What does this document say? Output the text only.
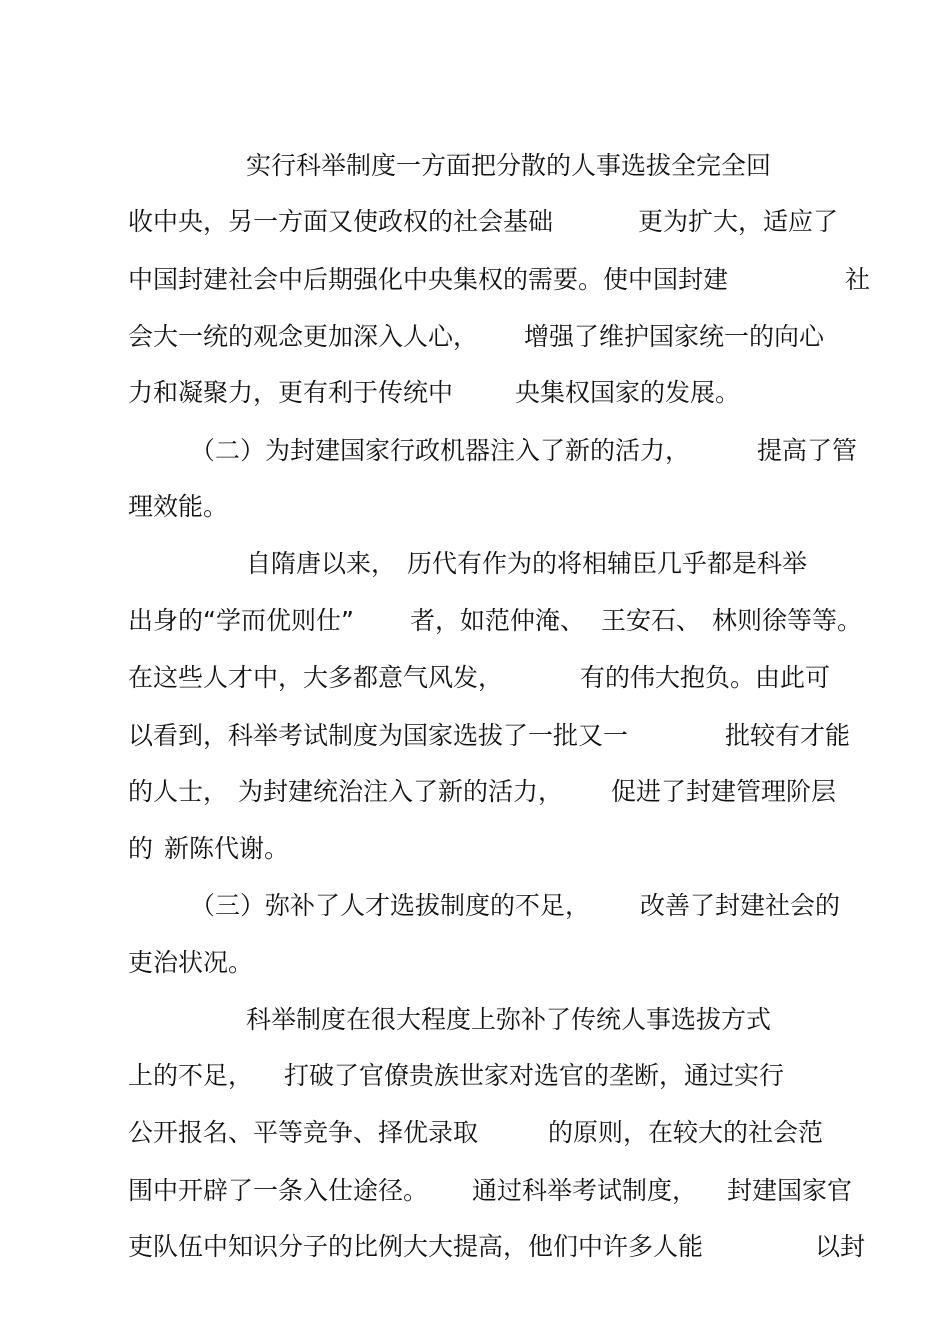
实行科举制度一方面把分散的人事选拔全完全回
收中央，另一方面又使政权的社会基础	更为扩大，适应了
中国封建社会中后期强化中央集权的需要。使中国封建	社
会大一统的观念更加深入人心， 增强了维护国家统一的向心
力和凝聚力，更有利于传统中 央集权国家的发展。
（二）为封建国家行政机器注入了新的活力，	提高了管
理效能。
自隋唐以来， 历代有作为的将相辅臣几乎都是科举
出身的“学而优则仕” 者，如范仲淹、 王安石、 林则徐等等。
在这些人才中，大多都意气风发，	有的伟大抱负。由此可
以看到，科举考试制度为国家选拔了一批又一	批较有才能
的人士， 为封建统治注入了新的活力， 促进了封建管理阶层
的 新陈代谢。
（三）弥补了人才选拔制度的不足， 改善了封建社会的
吏治状况。
科举制度在很大程度上弥补了传统人事选拔方式
上的不足， 打破了官僚贵族世家对选官的垄断，通过实行
公开报名、平等竞争、择优录取	的原则，在较大的社会范
围中开辟了一条入仕途径。 通过科举考试制度， 封建国家官
吏队伍中知识分子的比例大大提高，他们中许多人能	以封
